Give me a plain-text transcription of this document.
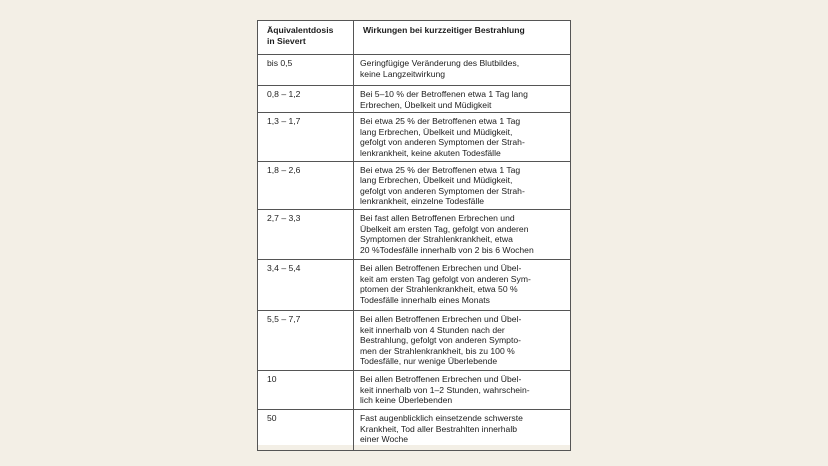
Äquivalentdosis
in Sievert	Wirkungen bei kurzzeitiger Bestrahlung

bis 0,5	Geringfügige Veränderung des Blutbildes,
keine Langzeitwirkung

0,8 – 1,2	Bei 5–10 % der Betroffenen etwa 1 Tag lang
Erbrechen, Übelkeit und Müdigkeit

1,3 – 1,7	Bei etwa 25 % der Betroffenen etwa 1 Tag
lang Erbrechen, Übelkeit und Müdigkeit,
gefolgt von anderen Symptomen der Strah-
lenkrankheit, keine akuten Todesfälle

1,8 – 2,6	Bei etwa 25 % der Betroffenen etwa 1 Tag
lang Erbrechen, Übelkeit und Müdigkeit,
gefolgt von anderen Symptomen der Strah-
lenkrankheit, einzelne Todesfälle

2,7 – 3,3	Bei fast allen Betroffenen Erbrechen und
Übelkeit am ersten Tag, gefolgt von anderen
Symptomen der Strahlenkrankheit, etwa
20 %Todesfälle innerhalb von 2 bis 6 Wochen

3,4 – 5,4	Bei allen Betroffenen Erbrechen und Übel-
keit am ersten Tag gefolgt von anderen Sym-
ptomen der Strahlenkrankheit, etwa 50 %
Todesfälle innerhalb eines Monats

5,5 – 7,7	Bei allen Betroffenen Erbrechen und Übel-
keit innerhalb von 4 Stunden nach der
Bestrahlung, gefolgt von anderen Sympto-
men der Strahlenkrankheit, bis zu 100 %
Todesfälle, nur wenige Überlebende

10	Bei allen Betroffenen Erbrechen und Übel-
keit innerhalb von 1–2 Stunden, wahrschein-
lich keine Überlebenden

50	Fast augenblicklich einsetzende schwerste
Krankheit, Tod aller Bestrahlten innerhalb
einer Woche
